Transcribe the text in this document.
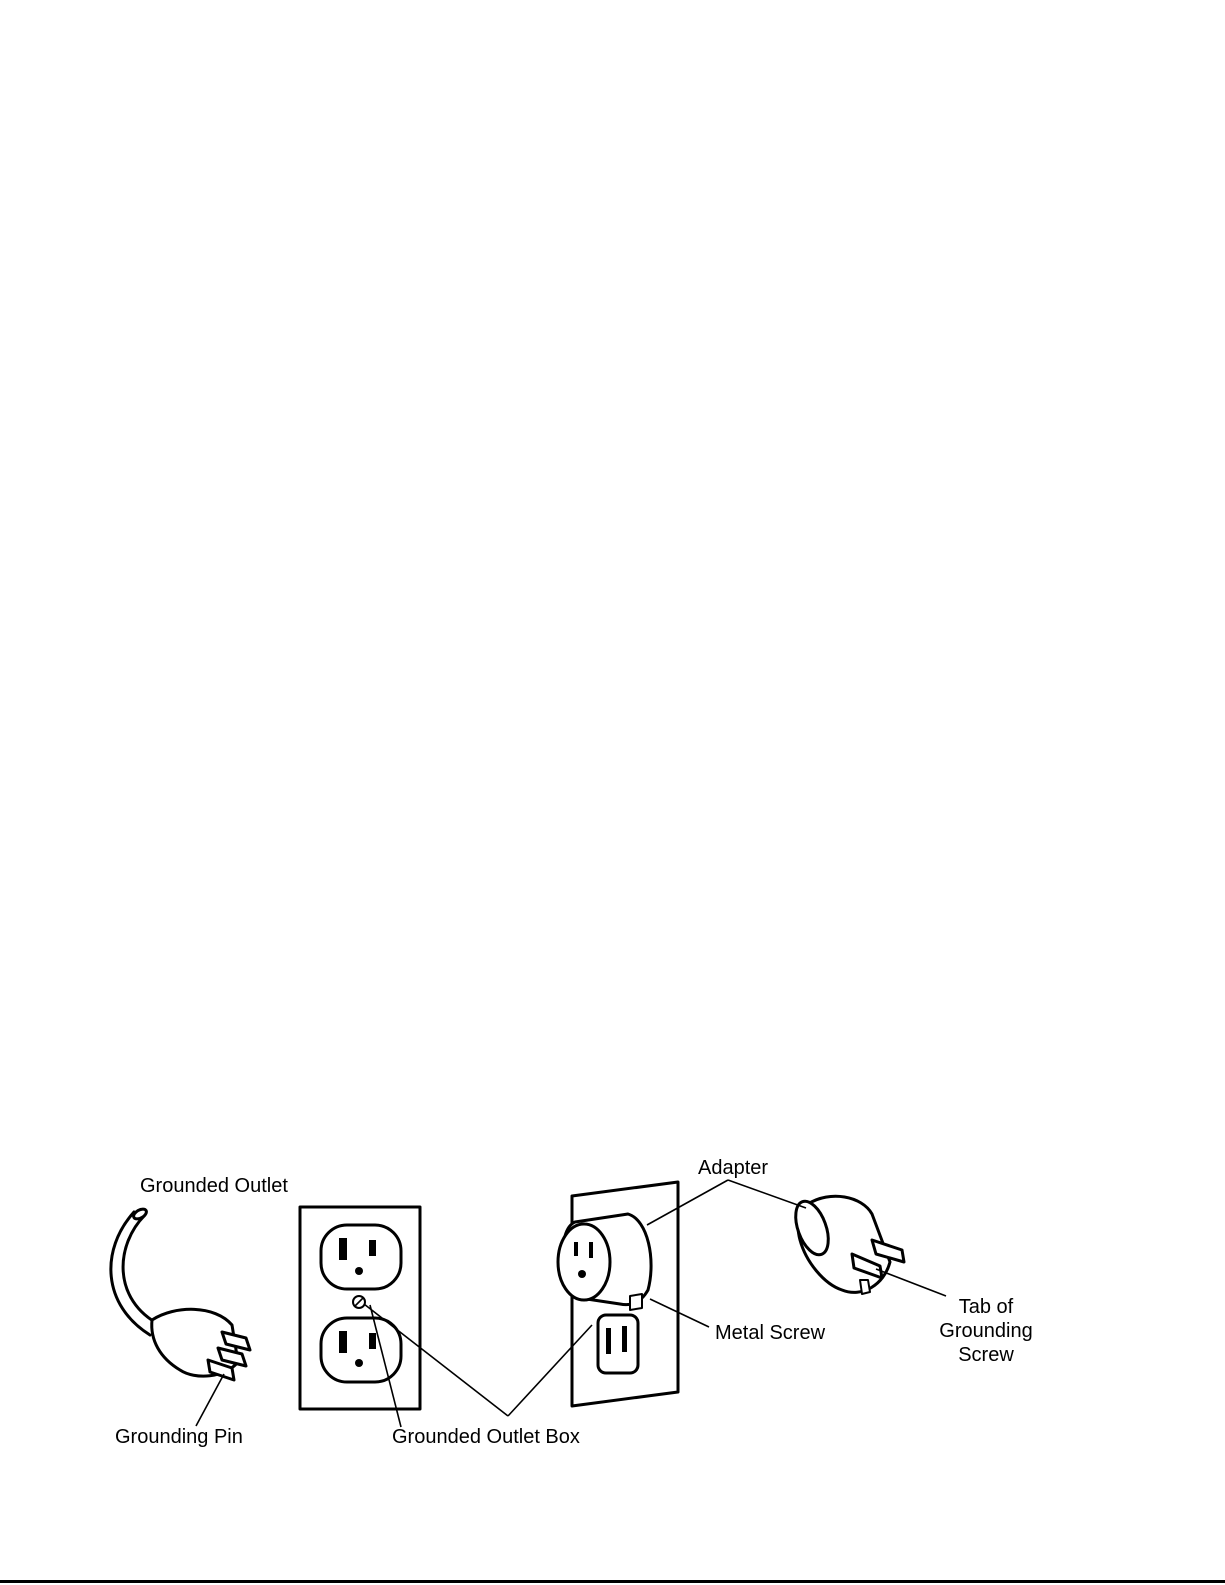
Grounded Outlet
Grounding Pin	Grounded Outlet Box
Adapter
Metal Screw
Tab of
Grounding
Screw
